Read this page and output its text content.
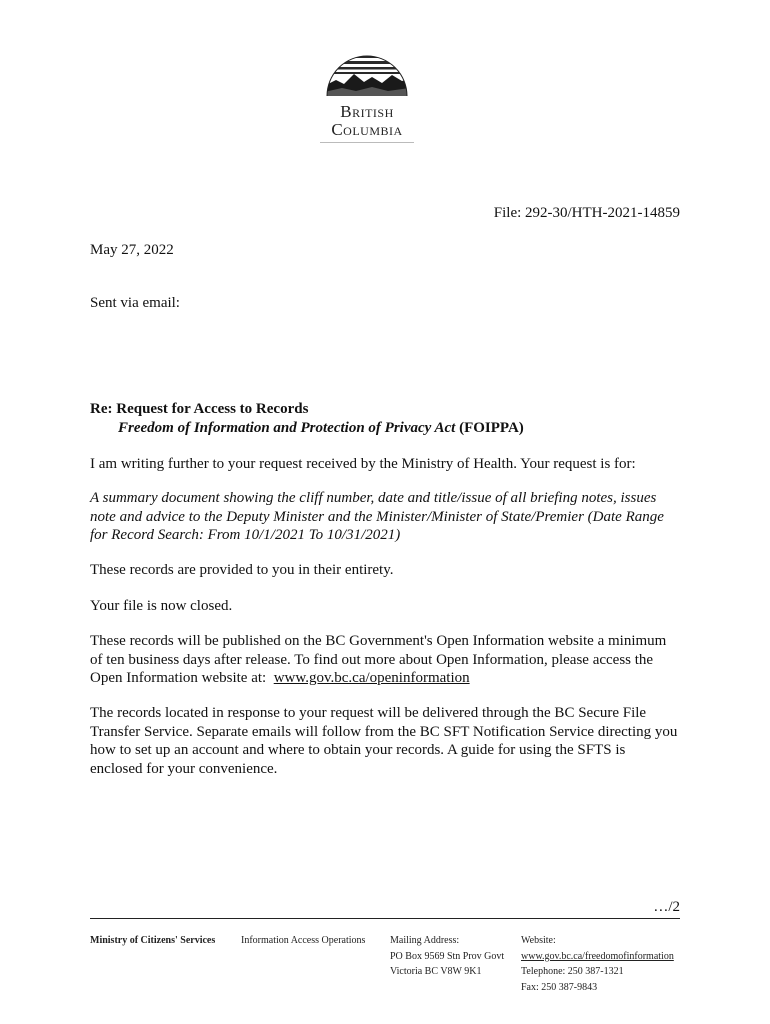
British
Columbia
File: 292-30/HTH-2021-14859
May 27, 2022
Sent via email:
Re: Request for Access to Records
Freedom of Information and Protection of Privacy Act (FOIPPA)
I am writing further to your request received by the Ministry of Health. Your request is for:
A summary document showing the cliff number, date and title/issue of all briefing notes, issues note and advice to the Deputy Minister and the Minister/Minister of State/Premier (Date Range for Record Search: From 10/1/2021 To 10/31/2021)
These records are provided to you in their entirety.
Your file is now closed.
These records will be published on the BC Government's Open Information website a minimum of ten business days after release. To find out more about Open Information, please access the Open Information website at: www.gov.bc.ca/openinformation
The records located in response to your request will be delivered through the BC Secure File Transfer Service. Separate emails will follow from the BC SFT Notification Service directing you how to set up an account and where to obtain your records. A guide for using the SFTS is enclosed for your convenience.
…/2
Ministry of Citizens' Services	Information Access Operations Mailing Address:
PO Box 9569 Stn Prov Govt
Victoria BC V8W 9K1
Website:
www.gov.bc.ca/freedomofinformation
Telephone: 250 387-1321
Fax: 250 387-9843
